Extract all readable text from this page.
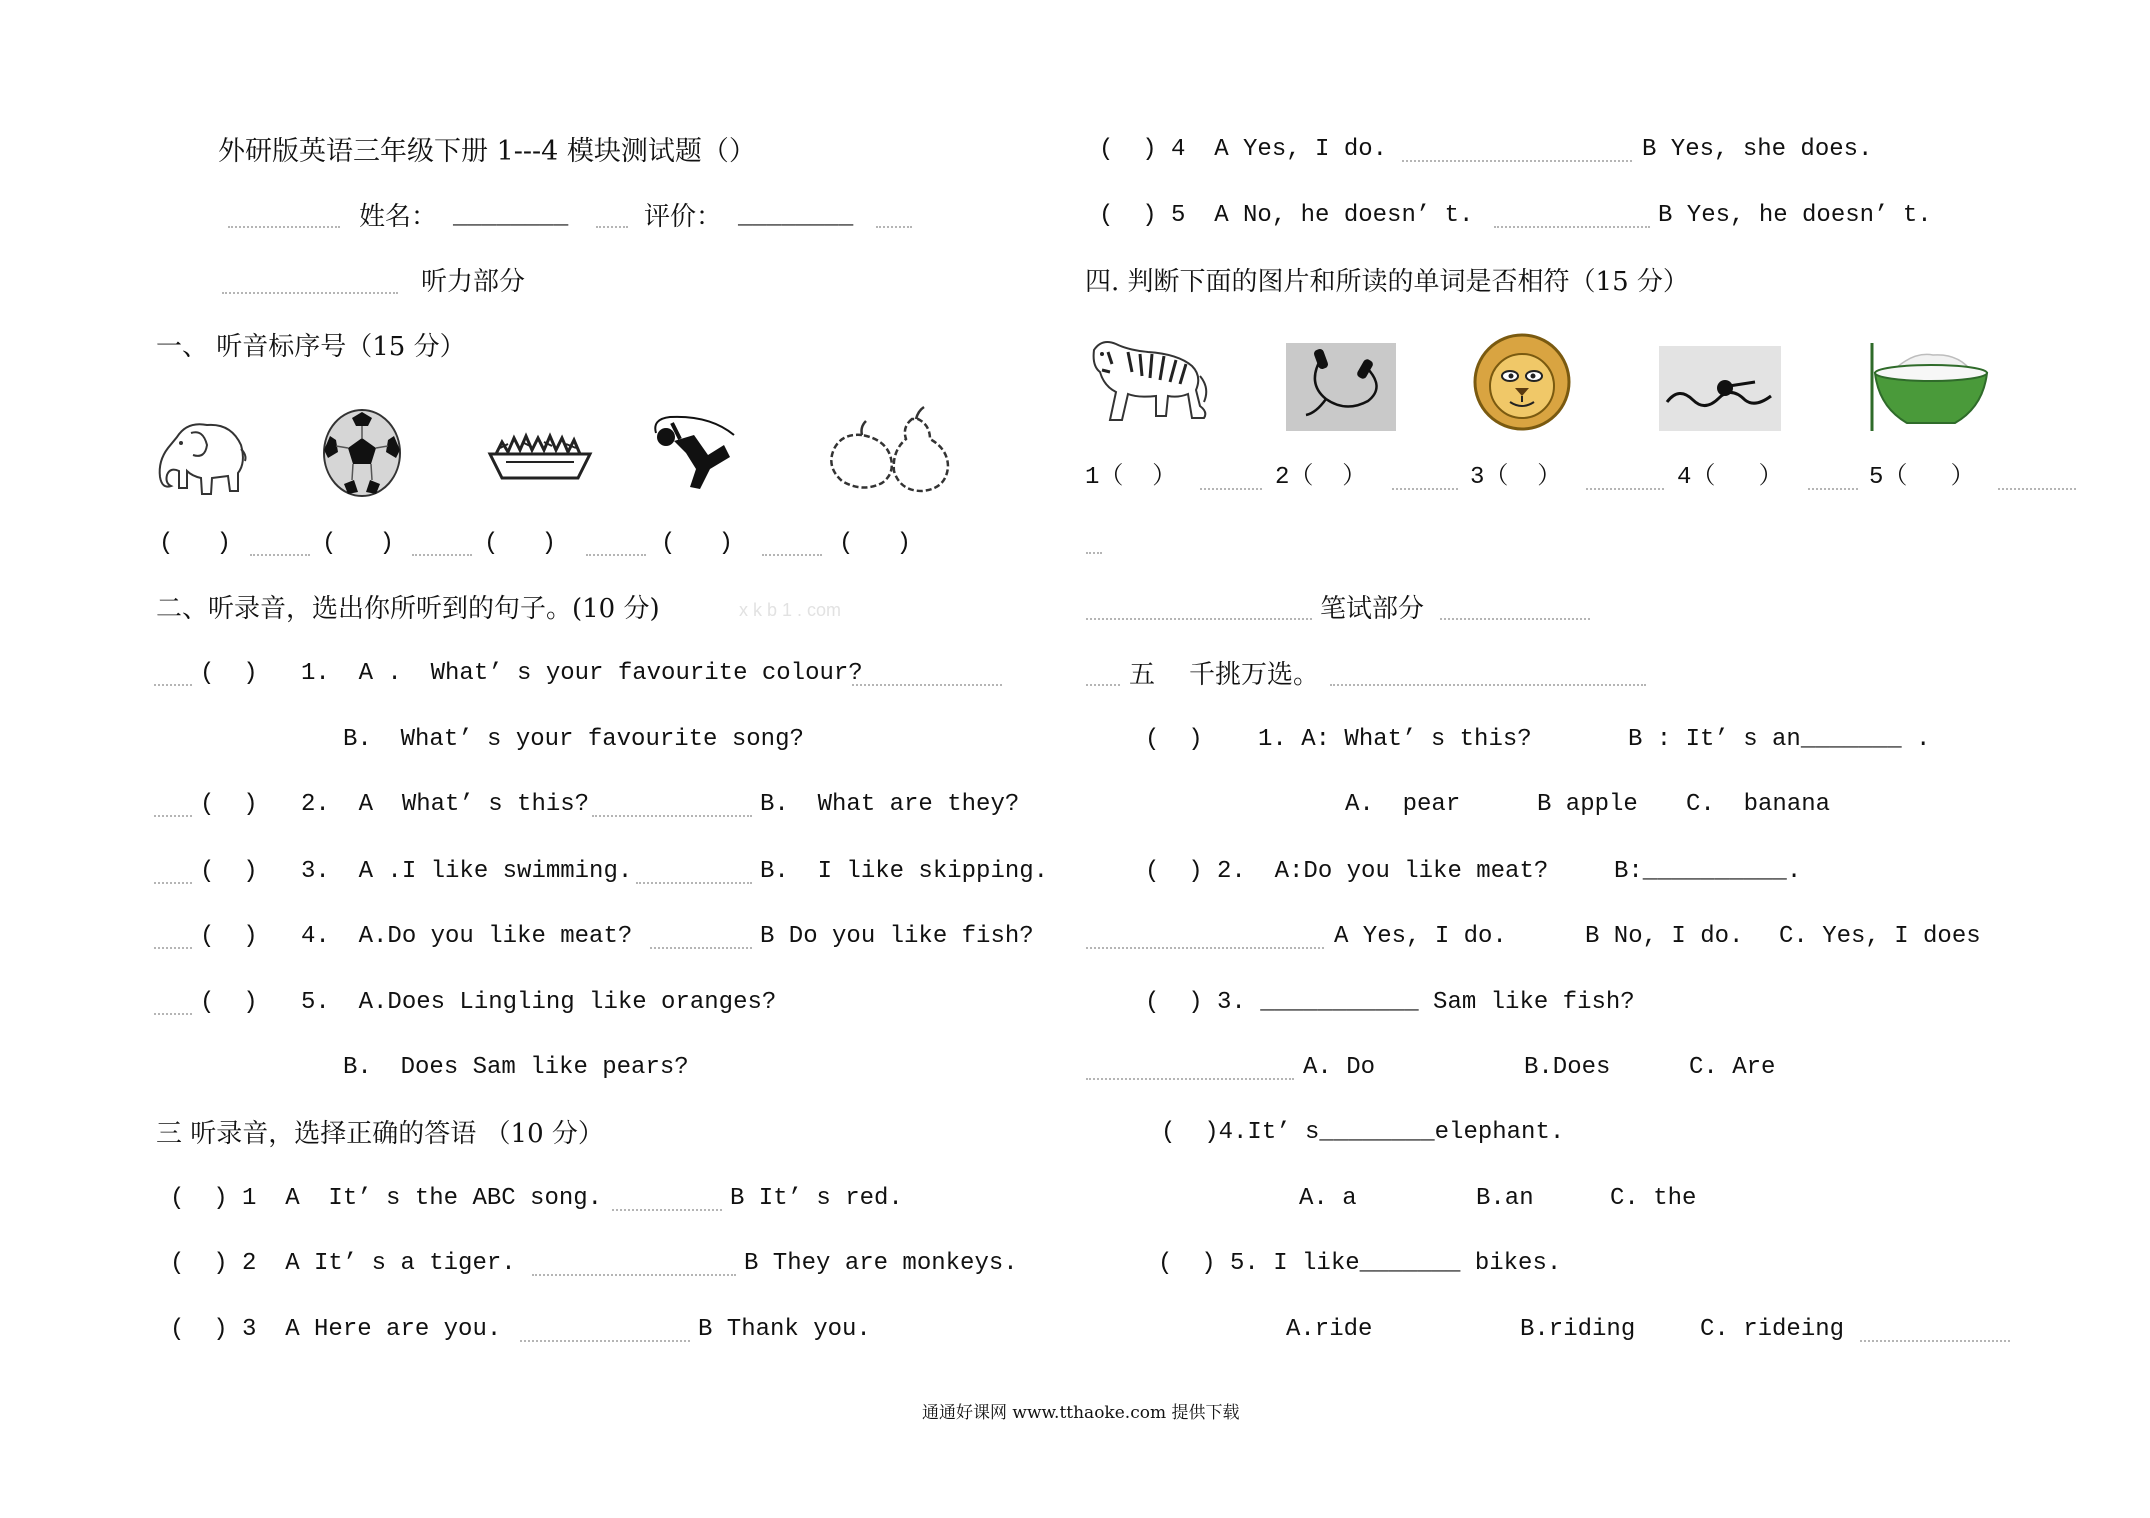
外研版英语三年级下册 1---4 模块测试题（）
姓名： ________	评价： ________
听力部分
一、 听音标序号（15 分）
(   )	(   )	(   )	(   )	(   )
二、听录音，选出你所听到的句子。(10 分)	x k b 1 . com
(  ) 1.  A .  What’ s your favourite colour?
B.  What’ s your favourite song?
(  ) 2.  A  What’ s this?	B.  What are they?
(  ) 3.  A .I like swimming.	B.  I like skipping.
(  ) 4.  A.Do you like meat?	B Do you like fish?
(  ) 5.  A.Does Lingling like oranges?
B.  Does Sam like pears?
三 听录音，选择正确的答语 （10 分）
(  ) 1  A  It’ s the ABC song.	B It’ s red.
(  ) 2  A It’ s a tiger.	B They are monkeys.
(  ) 3  A Here are you.	B Thank you.
(  ) 4  A Yes, I do.	B Yes, she does.
(  ) 5  A No, he doesn’ t.	B Yes, he doesn’ t.
四. 判断下面的图片和所读的单词是否相符（15 分）
1（  ）	2（  ）	3（  ）	4（   ）	5（   ）
笔试部分
五 千挑万选。
(  ) 1. A: What’ s this?	B : It’ s an_______ .
A.  pear	B apple C.  banana
(  ) 2.  A:Do you like meat?	B:__________.
A Yes, I do.	B No, I do. C. Yes, I does
(  ) 3. ___________ Sam like fish?
A. Do	B.Does	C. Are
(  )4.It’ s________elephant.
A. a	B.an	C. the
(  ) 5. I like_______ bikes.
A.ride	B.riding	C. rideing
通通好课网 www.tthaoke.com 提供下载
